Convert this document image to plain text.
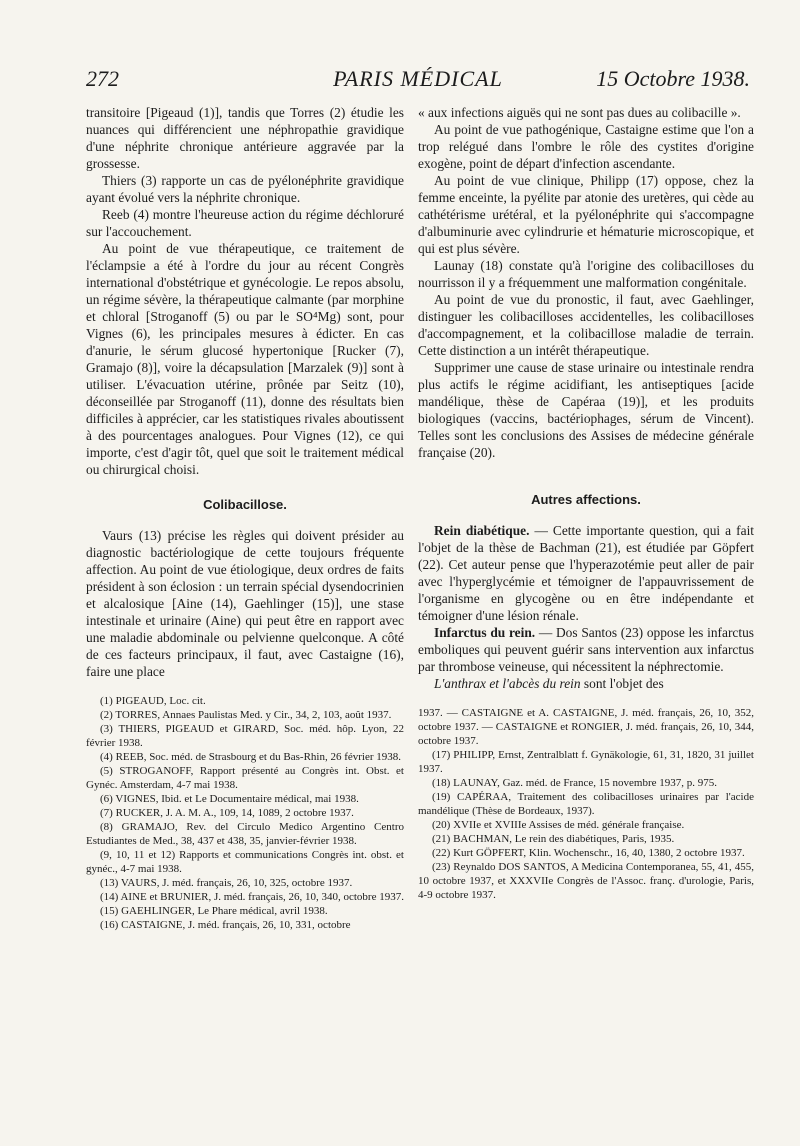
272	PARIS MÉDICAL	15 Octobre 1938.

transitoire [Pigeaud (1)], tandis que Torres (2) étudie les nuances qui différencient une néphropathie gravidique d'une néphrite chronique antérieure aggravée par la grossesse.

Thiers (3) rapporte un cas de pyélonéphrite gravidique ayant évolué vers la néphrite chronique.

Reeb (4) montre l'heureuse action du régime déchloruré sur l'accouchement.

Au point de vue thérapeutique, ce traitement de l'éclampsie a été à l'ordre du jour au récent Congrès international d'obstétrique et gynécologie. Le repos absolu, un régime sévère, la thérapeutique calmante (par morphine et chloral [Stroganoff (5) ou par le SO⁴Mg) sont, pour Vignes (6), les principales mesures à édicter. En cas d'anurie, le sérum glucosé hypertonique [Rucker (7), Gramajo (8)], voire la décapsulation [Marzalek (9)] sont à utiliser. L'évacuation utérine, prônée par Seitz (10), déconseillée par Stroganoff (11), donne des résultats bien difficiles à apprécier, car les statistiques rivales aboutissent à des pourcentages analogues. Pour Vignes (12), ce qui importe, c'est d'agir tôt, quel que soit le traitement médical ou chirurgical choisi.

Colibacillose.

Vaurs (13) précise les règles qui doivent présider au diagnostic bactériologique de cette toujours fréquente affection. Au point de vue étiologique, deux ordres de faits président à son éclosion : un terrain spécial dysendocrinien et alcalosique [Aine (14), Gaehlinger (15)], une stase intestinale et urinaire (Aine) qui peut être en rapport avec une maladie abdominale ou pelvienne quelconque. A côté de ces facteurs principaux, il faut, avec Castaigne (16), faire une place

(1) PIGEAUD, Loc. cit.

(2) TORRES, Annaes Paulistas Med. y Cir., 34, 2, 103, août 1937.

(3) THIERS, PIGEAUD et GIRARD, Soc. méd. hôp. Lyon, 22 février 1938.

(4) REEB, Soc. méd. de Strasbourg et du Bas-Rhin, 26 février 1938.

(5) STROGANOFF, Rapport présenté au Congrès int. Obst. et Gynéc. Amsterdam, 4-7 mai 1938.

(6) VIGNES, Ibid. et Le Documentaire médical, mai 1938.

(7) RUCKER, J. A. M. A., 109, 14, 1089, 2 octobre 1937.

(8) GRAMAJO, Rev. del Circulo Medico Argentino Centro Estudiantes de Med., 38, 437 et 438, 35, janvier-février 1938.

(9, 10, 11 et 12) Rapports et communications Congrès int. obst. et gynéc., 4-7 mai 1938.

(13) VAURS, J. méd. français, 26, 10, 325, octobre 1937.

(14) AINE et BRUNIER, J. méd. français, 26, 10, 340, octobre 1937.

(15) GAEHLINGER, Le Phare médical, avril 1938.

(16) CASTAIGNE, J. méd. français, 26, 10, 331, octobre

« aux infections aiguës qui ne sont pas dues au colibacille ».

Au point de vue pathogénique, Castaigne estime que l'on a trop relégué dans l'ombre le rôle des cystites d'origine exogène, point de départ d'infection ascendante.

Au point de vue clinique, Philipp (17) oppose, chez la femme enceinte, la pyélite par atonie des uretères, qui cède au cathétérisme urétéral, et la pyélonéphrite qui s'accompagne d'albuminurie avec cylindrurie et hématurie microscopique, et qui est plus sévère.

Launay (18) constate qu'à l'origine des colibacilloses du nourrisson il y a fréquemment une malformation congénitale.

Au point de vue du pronostic, il faut, avec Gaehlinger, distinguer les colibacilloses accidentelles, les colibacilloses d'accompagnement, et la colibacillose maladie de terrain. Cette distinction a un intérêt thérapeutique.

Supprimer une cause de stase urinaire ou intestinale rendra plus actifs le régime acidifiant, les antiseptiques [acide mandélique, thèse de Capéraa (19)], et les produits biologiques (vaccins, bactériophages, sérum de Vincent). Telles sont les conclusions des Assises de médecine générale française (20).

Autres affections.

Rein diabétique. — Cette importante question, qui a fait l'objet de la thèse de Bachman (21), est étudiée par Göpfert (22). Cet auteur pense que l'hyperazotémie peut aller de pair avec l'hyperglycémie et témoigner de l'appauvrissement de l'organisme en glycogène ou en être indépendante et témoigner d'une lésion rénale.

Infarctus du rein. — Dos Santos (23) oppose les infarctus emboliques qui peuvent guérir sans intervention aux infarctus par thrombose veineuse, qui nécessitent la néphrectomie.

L'anthrax et l'abcès du rein sont l'objet des

1937. — CASTAIGNE et A. CASTAIGNE, J. méd. français, 26, 10, 352, octobre 1937. — CASTAIGNE et RONGIER, J. méd. français, 26, 10, 344, octobre 1937.

(17) PHILIPP, Ernst, Zentralblatt f. Gynäkologie, 61, 31, 1820, 31 juillet 1937.

(18) LAUNAY, Gaz. méd. de France, 15 novembre 1937, p. 975.

(19) CAPÉRAA, Traitement des colibacilloses urinaires par l'acide mandélique (Thèse de Bordeaux, 1937).

(20) XVIIe et XVIIIe Assises de méd. générale française.

(21) BACHMAN, Le rein des diabétiques, Paris, 1935.

(22) Kurt GÖPFERT, Klin. Wochenschr., 16, 40, 1380, 2 octobre 1937.

(23) Reynaldo DOS SANTOS, A Medicina Contemporanea, 55, 41, 455, 10 octobre 1937, et XXXVIIe Congrès de l'Assoc. franç. d'urologie, Paris, 4-9 octobre 1937.
